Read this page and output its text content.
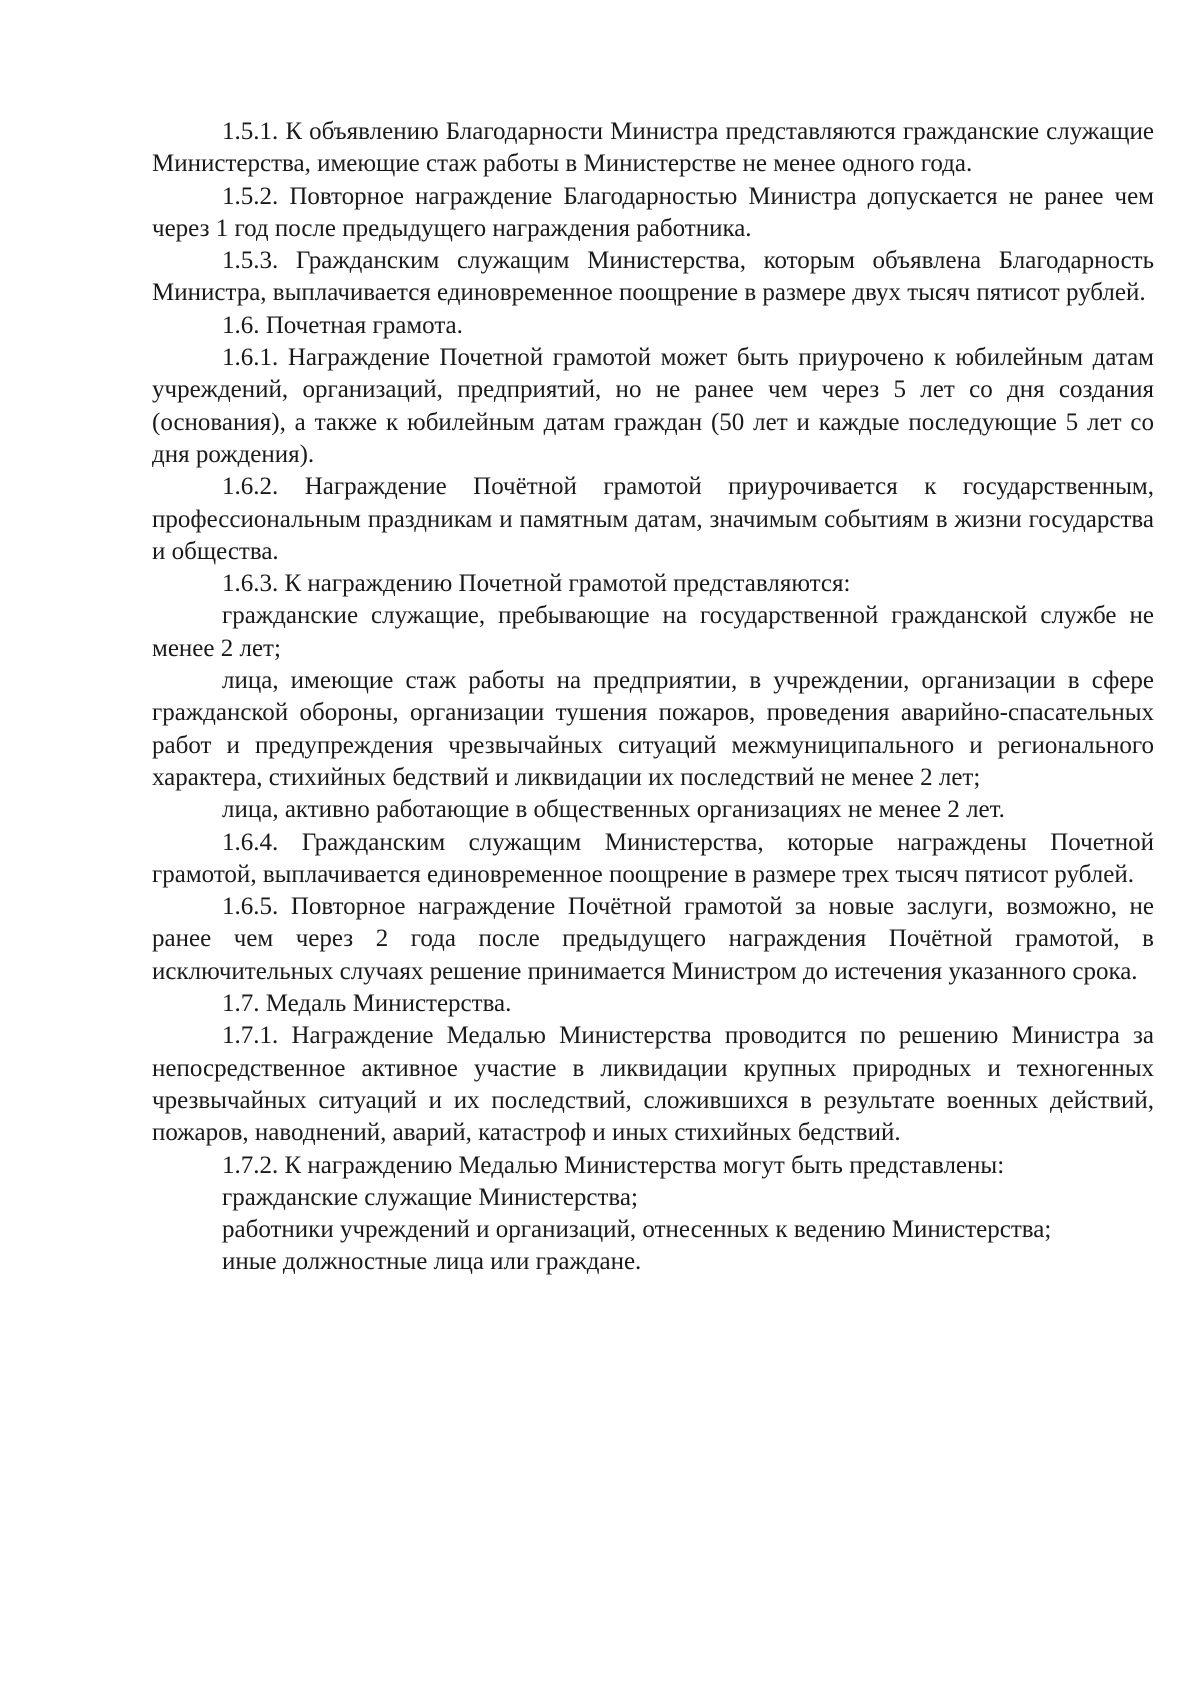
1.5.1. К объявлению Благодарности Министра представляются гражданские служащие Министерства, имеющие стаж работы в Министерстве не менее одного года.

1.5.2. Повторное награждение Благодарностью Министра допускается не ранее чем через 1 год после предыдущего награждения работника.

1.5.3. Гражданским служащим Министерства, которым объявлена Благодарность Министра, выплачивается единовременное поощрение в размере двух тысяч пятисот рублей.

1.6. Почетная грамота.

1.6.1. Награждение Почетной грамотой может быть приурочено к юбилейным датам учреждений, организаций, предприятий, но не ранее чем через 5 лет со дня создания (основания), а также к юбилейным датам граждан (50 лет и каждые последующие 5 лет со дня рождения).

1.6.2. Награждение Почётной грамотой приурочивается к государственным, профессиональным праздникам и памятным датам, значимым событиям в жизни государства и общества.

1.6.3. К награждению Почетной грамотой представляются:

гражданские служащие, пребывающие на государственной гражданской службе не менее 2 лет;

лица, имеющие стаж работы на предприятии, в учреждении, организации в сфере гражданской обороны, организации тушения пожаров, проведения аварийно-спасательных работ и предупреждения чрезвычайных ситуаций межмуниципального и регионального характера, стихийных бедствий и ликвидации их последствий не менее 2 лет;

лица, активно работающие в общественных организациях не менее 2 лет.

1.6.4. Гражданским служащим Министерства, которые награждены Почетной грамотой, выплачивается единовременное поощрение в размере трех тысяч пятисот рублей.

1.6.5. Повторное награждение Почётной грамотой за новые заслуги, возможно, не ранее чем через 2 года после предыдущего награждения Почётной грамотой, в исключительных случаях решение принимается Министром до истечения указанного срока.

1.7. Медаль Министерства.

1.7.1. Награждение Медалью Министерства проводится по решению Министра за непосредственное активное участие в ликвидации крупных природных и техногенных чрезвычайных ситуаций и их последствий, сложившихся в результате военных действий, пожаров, наводнений, аварий, катастроф и иных стихийных бедствий.

1.7.2. К награждению Медалью Министерства могут быть представлены:

гражданские служащие Министерства;

работники учреждений и организаций, отнесенных к ведению Министерства;

иные должностные лица или граждане.
